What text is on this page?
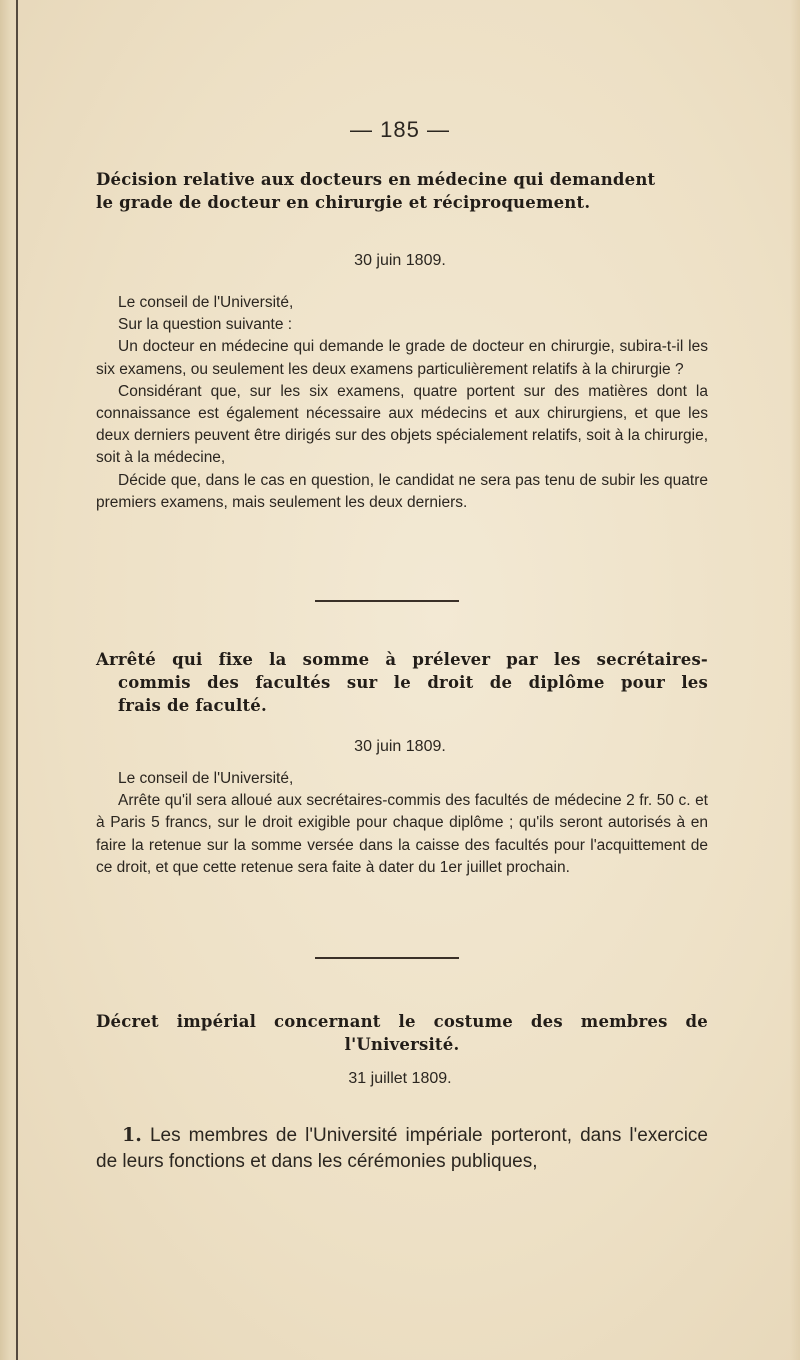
— 185 —
Décision relative aux docteurs en médecine qui demandent
le grade de docteur en chirurgie et réciproquement.
30 juin 1809.

Le conseil de l'Université,

Sur la question suivante :

Un docteur en médecine qui demande le grade de docteur en chirurgie, subira-t-il les six examens, ou seulement les deux examens particulièrement relatifs à la chirurgie ?

Considérant que, sur les six examens, quatre portent sur des matières dont la connaissance est également nécessaire aux médecins et aux chirurgiens, et que les deux derniers peuvent être dirigés sur des objets spécialement relatifs, soit à la chirurgie, soit à la médecine,

Décide que, dans le cas en question, le candidat ne sera pas tenu de subir les quatre premiers examens, mais seulement les deux derniers.

Arrêté qui fixe la somme à prélever par les secrétaires-
commis des facultés sur le droit de diplôme pour les
frais de faculté.
30 juin 1809.

Le conseil de l'Université,

Arrête qu'il sera alloué aux secrétaires-commis des facultés de médecine 2 fr. 50 c. et à Paris 5 francs, sur le droit exigible pour chaque diplôme ; qu'ils seront autorisés à en faire la retenue sur la somme versée dans la caisse des facultés pour l'acquittement de ce droit, et que cette retenue sera faite à dater du 1er juillet prochain.

Décret impérial concernant le costume des membres de
l'Université.
31 juillet 1809.
1. Les membres de l'Université impériale porteront, dans l'exercice de leurs fonctions et dans les cérémonies publiques,
